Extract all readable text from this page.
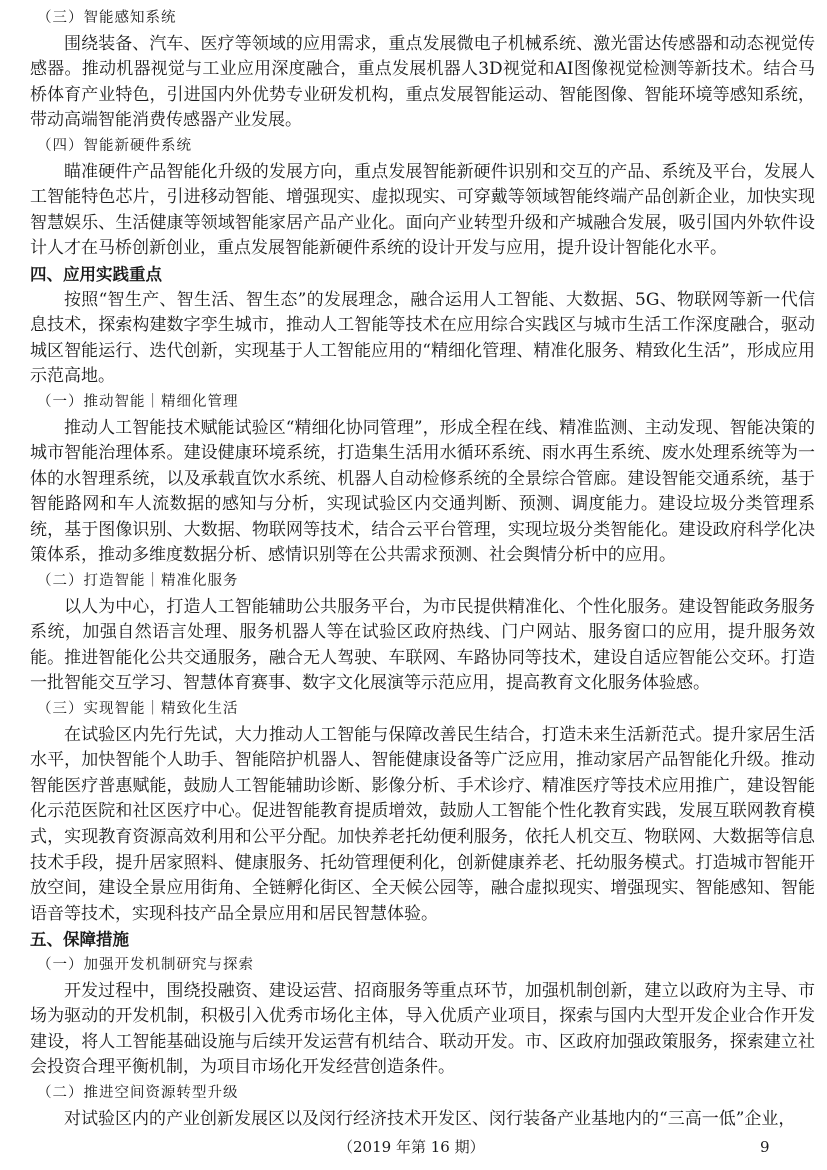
（三）智能感知系统

围绕装备、汽车、医疗等领域的应用需求，重点发展微电子机械系统、激光雷达传感器和动态视觉传感器。推动机器视觉与工业应用深度融合，重点发展机器人3D视觉和AI图像视觉检测等新技术。结合马桥体育产业特色，引进国内外优势专业研发机构，重点发展智能运动、智能图像、智能环境等感知系统，带动高端智能消费传感器产业发展。

（四）智能新硬件系统

瞄准硬件产品智能化升级的发展方向，重点发展智能新硬件识别和交互的产品、系统及平台，发展人工智能特色芯片，引进移动智能、增强现实、虚拟现实、可穿戴等领域智能终端产品创新企业，加快实现智慧娱乐、生活健康等领域智能家居产品产业化。面向产业转型升级和产城融合发展，吸引国内外软件设计人才在马桥创新创业，重点发展智能新硬件系统的设计开发与应用，提升设计智能化水平。

四、应用实践重点

按照“智生产、智生活、智生态”的发展理念，融合运用人工智能、大数据、5G、物联网等新一代信息技术，探索构建数字孪生城市，推动人工智能等技术在应用综合实践区与城市生活工作深度融合，驱动城区智能运行、迭代创新，实现基于人工智能应用的“精细化管理、精准化服务、精致化生活”，形成应用示范高地。

（一）推动智能｜精细化管理

推动人工智能技术赋能试验区“精细化协同管理”，形成全程在线、精准监测、主动发现、智能决策的城市智能治理体系。建设健康环境系统，打造集生活用水循环系统、雨水再生系统、废水处理系统等为一体的水智理系统，以及承载直饮水系统、机器人自动检修系统的全景综合管廊。建设智能交通系统，基于智能路网和车人流数据的感知与分析，实现试验区内交通判断、预测、调度能力。建设垃圾分类管理系统，基于图像识别、大数据、物联网等技术，结合云平台管理，实现垃圾分类智能化。建设政府科学化决策体系，推动多维度数据分析、感情识别等在公共需求预测、社会舆情分析中的应用。

（二）打造智能｜精准化服务

以人为中心，打造人工智能辅助公共服务平台，为市民提供精准化、个性化服务。建设智能政务服务系统，加强自然语言处理、服务机器人等在试验区政府热线、门户网站、服务窗口的应用，提升服务效能。推进智能化公共交通服务，融合无人驾驶、车联网、车路协同等技术，建设自适应智能公交环。打造一批智能交互学习、智慧体育赛事、数字文化展演等示范应用，提高教育文化服务体验感。

（三）实现智能｜精致化生活

在试验区内先行先试，大力推动人工智能与保障改善民生结合，打造未来生活新范式。提升家居生活水平，加快智能个人助手、智能陪护机器人、智能健康设备等广泛应用，推动家居产品智能化升级。推动智能医疗普惠赋能，鼓励人工智能辅助诊断、影像分析、手术诊疗、精准医疗等技术应用推广，建设智能化示范医院和社区医疗中心。促进智能教育提质增效，鼓励人工智能个性化教育实践，发展互联网教育模式，实现教育资源高效利用和公平分配。加快养老托幼便利服务，依托人机交互、物联网、大数据等信息技术手段，提升居家照料、健康服务、托幼管理便利化，创新健康养老、托幼服务模式。打造城市智能开放空间，建设全景应用街角、全链孵化街区、全天候公园等，融合虚拟现实、增强现实、智能感知、智能语音等技术，实现科技产品全景应用和居民智慧体验。

五、保障措施

（一）加强开发机制研究与探索

开发过程中，围绕投融资、建设运营、招商服务等重点环节，加强机制创新，建立以政府为主导、市场为驱动的开发机制，积极引入优秀市场化主体，导入优质产业项目，探索与国内大型开发企业合作开发建设，将人工智能基础设施与后续开发运营有机结合、联动开发。市、区政府加强政策服务，探索建立社会投资合理平衡机制，为项目市场化开发经营创造条件。

（二）推进空间资源转型升级

对试验区内的产业创新发展区以及闵行经济技术开发区、闵行装备产业基地内的“三高一低”企业，

（2019 年第 16 期）	9
